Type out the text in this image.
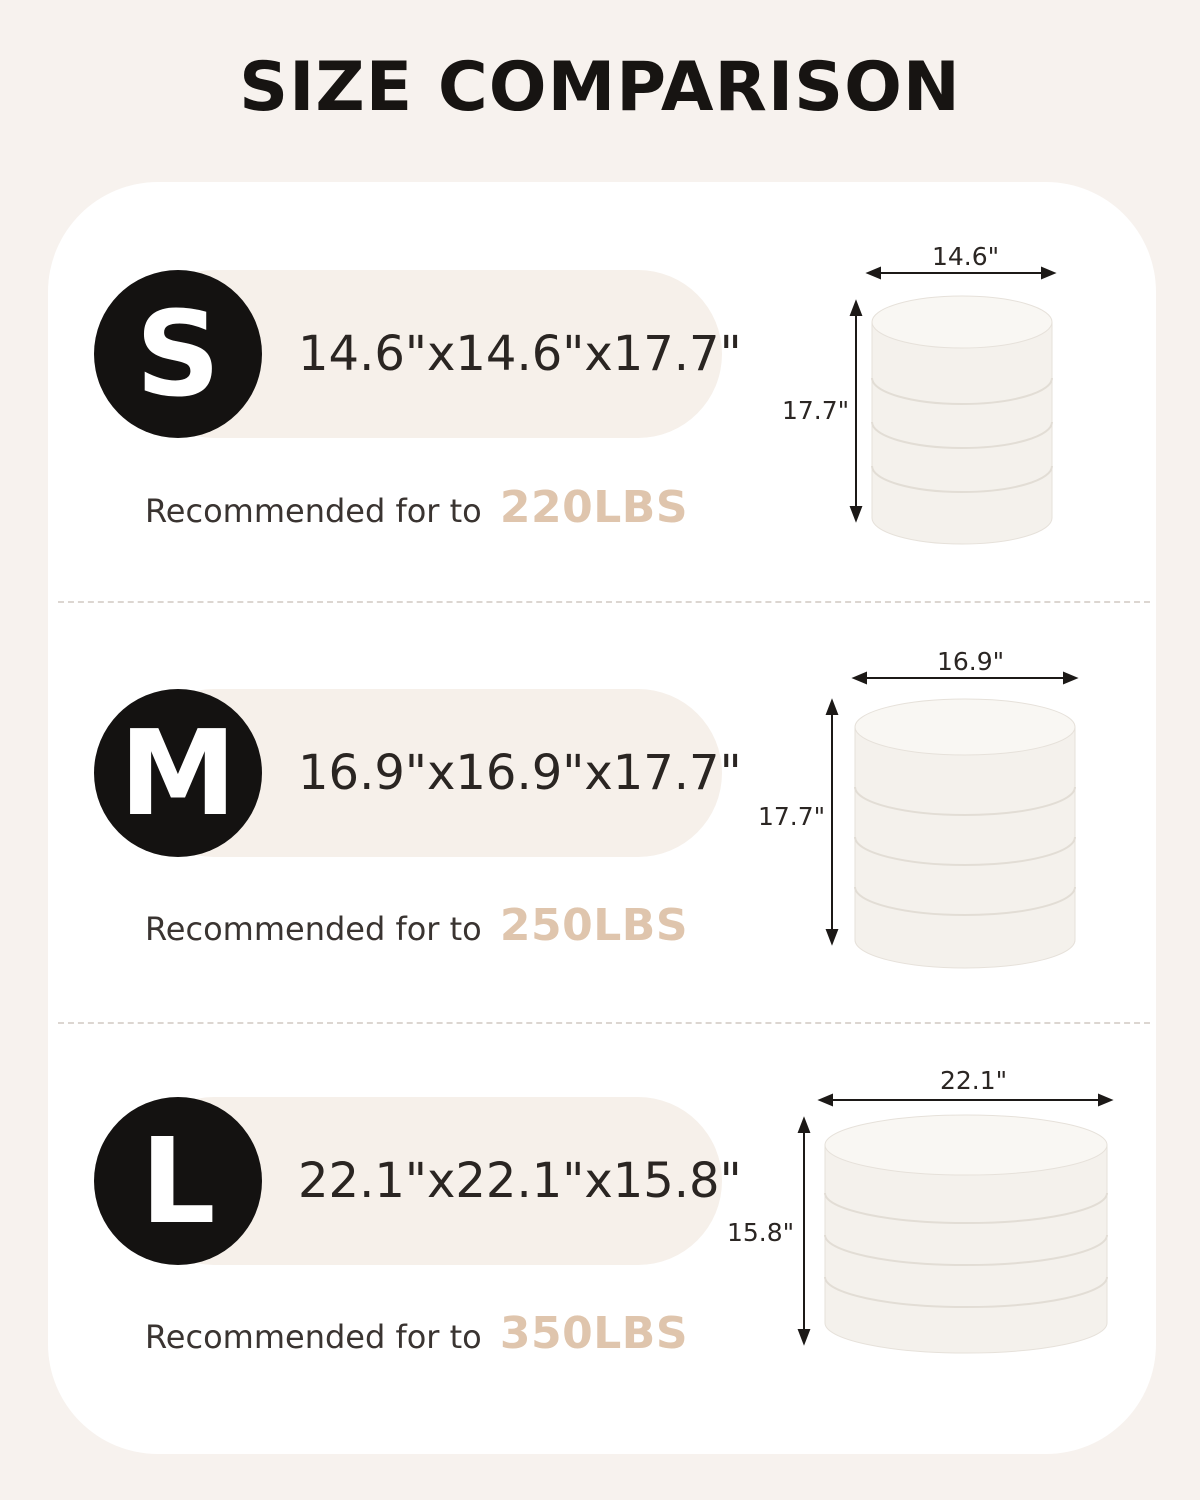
SIZE COMPARISON
14.6"x14.6"x17.7"
S
Recommended for to 220LBS
14.6"
17.7"
16.9"x16.9"x17.7"
M
Recommended for to 250LBS
16.9"
17.7"
22.1"x22.1"x15.8"
L
Recommended for to 350LBS
22.1"
15.8"
